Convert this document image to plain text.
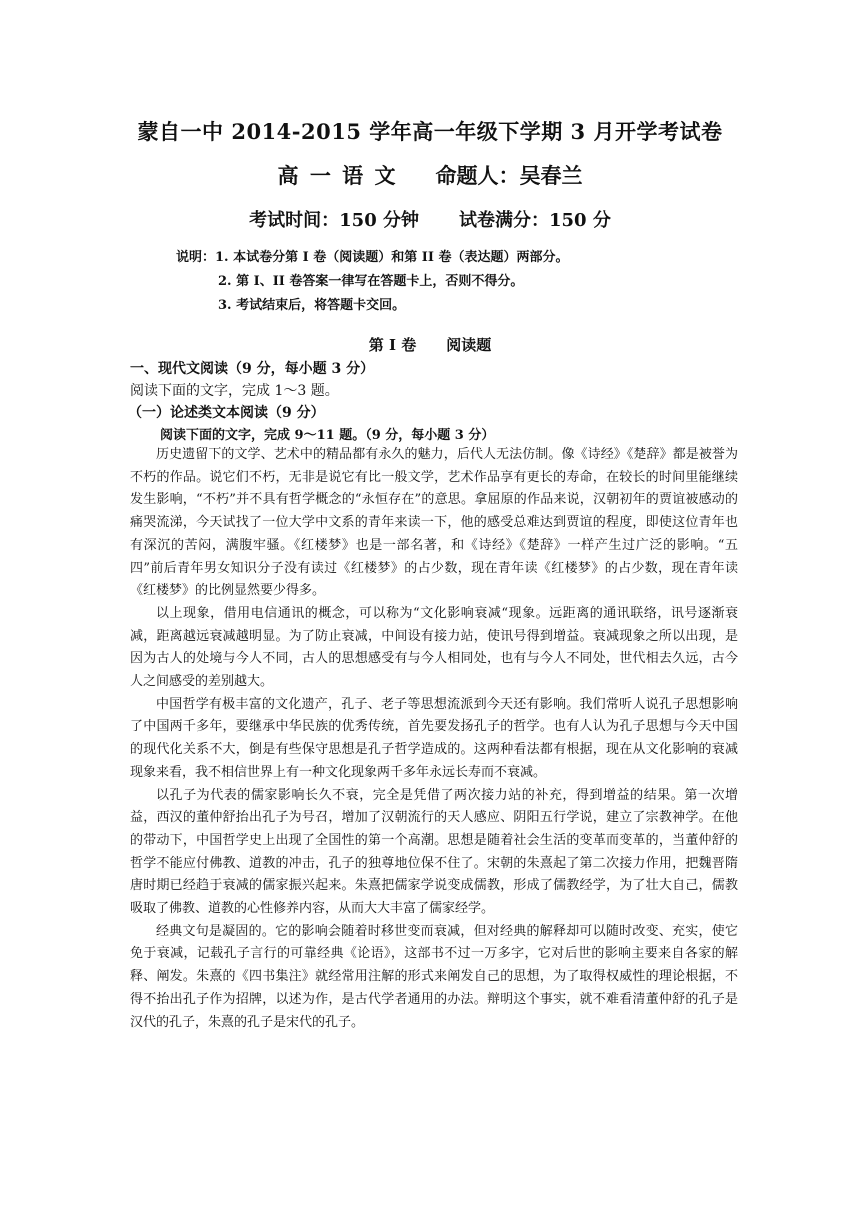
蒙自一中 2014-2015 学年高一年级下学期 3 月开学考试卷
高 一 语 文 命题人：吴春兰
考试时间：150 分钟 试卷满分：150 分
说明：1. 本试卷分第 I 卷（阅读题）和第 II 卷（表达题）两部分。
2. 第 I、II 卷答案一律写在答题卡上，否则不得分。
3. 考试结束后，将答题卡交回。
第 I 卷 阅读题
一、现代文阅读（9 分，每小题 3 分）
阅读下面的文字，完成 1～3 题。
（一）论述类文本阅读（9 分）
阅读下面的文字，完成 9～11 题。（9 分，每小题 3 分）

历史遗留下的文学、艺术中的精品都有永久的魅力，后代人无法仿制。像《诗经》《楚辞》都是被誉为不朽的作品。说它们不朽，无非是说它有比一般文学，艺术作品享有更长的寿命，在较长的时间里能继续发生影响，“不朽”并不具有哲学概念的“永恒存在”的意思。拿屈原的作品来说，汉朝初年的贾谊被感动的痛哭流涕，今天试找了一位大学中文系的青年来读一下，他的感受总难达到贾谊的程度，即使这位青年也有深沉的苦闷，满腹牢骚。《红楼梦》也是一部名著，和《诗经》《楚辞》一样产生过广泛的影响。“五四”前后青年男女知识分子没有读过《红楼梦》的占少数，现在青年读《红楼梦》的占少数，现在青年读《红楼梦》的比例显然要少得多。

以上现象，借用电信通讯的概念，可以称为“文化影响衰减“现象。远距离的通讯联络，讯号逐渐衰减，距离越远衰减越明显。为了防止衰减，中间设有接力站，使讯号得到增益。衰减现象之所以出现，是因为古人的处境与今人不同，古人的思想感受有与今人相同处，也有与今人不同处，世代相去久远，古今人之间感受的差别越大。

中国哲学有极丰富的文化遗产，孔子、老子等思想流派到今天还有影响。我们常听人说孔子思想影响了中国两千多年，要继承中华民族的优秀传统，首先要发扬孔子的哲学。也有人认为孔子思想与今天中国的现代化关系不大，倒是有些保守思想是孔子哲学造成的。这两种看法都有根据，现在从文化影响的衰减现象来看，我不相信世界上有一种文化现象两千多年永远长寿而不衰减。

以孔子为代表的儒家影响长久不衰，完全是凭借了两次接力站的补充，得到增益的结果。第一次增益，西汉的董仲舒抬出孔子为号召，增加了汉朝流行的天人感应、阴阳五行学说，建立了宗教神学。在他的带动下，中国哲学史上出现了全国性的第一个高潮。思想是随着社会生活的变革而变革的，当董仲舒的哲学不能应付佛教、道教的冲击，孔子的独尊地位保不住了。宋朝的朱熹起了第二次接力作用，把魏晋隋唐时期已经趋于衰减的儒家振兴起来。朱熹把儒家学说变成儒教，形成了儒教经学，为了壮大自己，儒教吸取了佛教、道教的心性修养内容，从而大大丰富了儒家经学。

经典文句是凝固的。它的影响会随着时移世变而衰减，但对经典的解释却可以随时改变、充实，使它免于衰减，记载孔子言行的可靠经典《论语》，这部书不过一万多字，它对后世的影响主要来自各家的解释、阐发。朱熹的《四书集注》就经常用注解的形式来阐发自己的思想，为了取得权威性的理论根据，不得不抬出孔子作为招牌，以述为作，是古代学者通用的办法。辩明这个事实，就不难看清董仲舒的孔子是汉代的孔子，朱熹的孔子是宋代的孔子。
